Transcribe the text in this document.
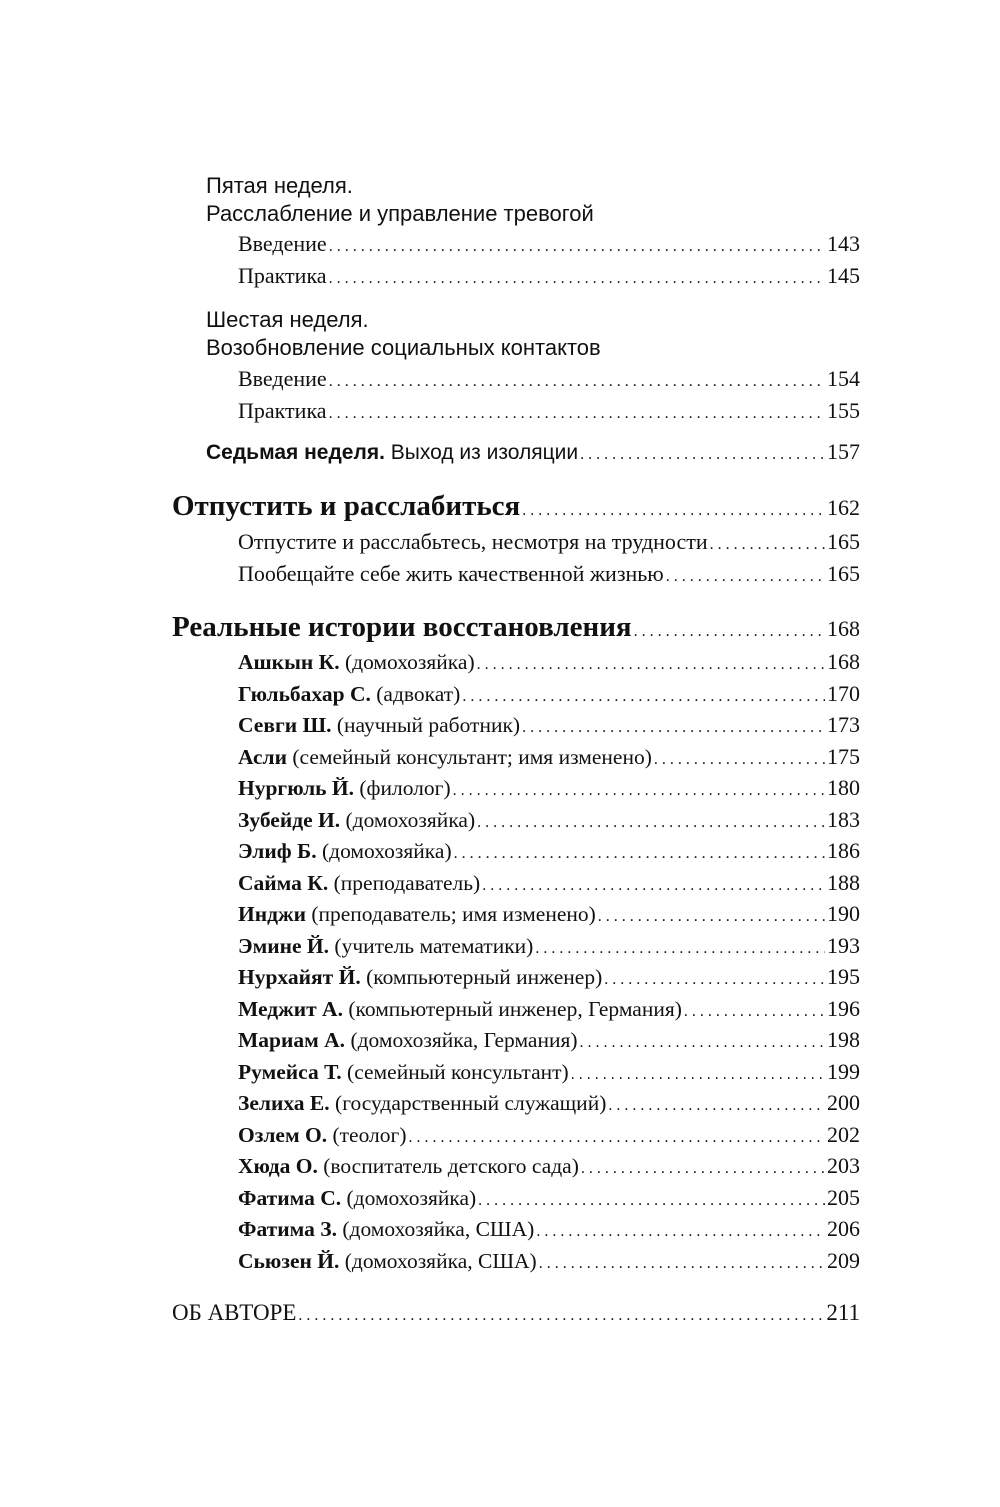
Пятая неделя.
Расслабление и управление тревогой
Введение .....	143
Практика .....	145
Шестая неделя.
Возобновление социальных контактов
Введение .....	154
Практика .....	155
Седьмая неделя. Выход из изоляции .....	157
Отпустить и расслабиться .....	162
Отпустите и расслабьтесь, несмотря на трудности .....	165
Пообещайте себе жить качественной жизнью .....	165
Реальные истории восстановления .....	168
Ашкын К. (домохозяйка) .....	168
Гюльбахар С. (адвокат) .....	170
Севги Ш. (научный работник) .....	173
Асли (семейный консультант; имя изменено) .....	175
Нургюль Й. (филолог) .....	180
Зубейде И. (домохозяйка) .....	183
Элиф Б. (домохозяйка) .....	186
Сайма К. (преподаватель) .....	188
Инджи (преподаватель; имя изменено) .....	190
Эмине Й. (учитель математики) .....	193
Нурхайят Й. (компьютерный инженер) .....	195
Меджит А. (компьютерный инженер, Германия) .....	196
Мариам А. (домохозяйка, Германия) .....	198
Румейса Т. (семейный консультант) .....	199
Зелиха Е. (государственный служащий) .....	200
Озлем О. (теолог) .....	202
Хюда О. (воспитатель детского сада) .....	203
Фатима С. (домохозяйка) .....	205
Фатима З. (домохозяйка, США) .....	206
Сьюзен Й. (домохозяйка, США) .....	209
ОБ АВТОРЕ .....	211
